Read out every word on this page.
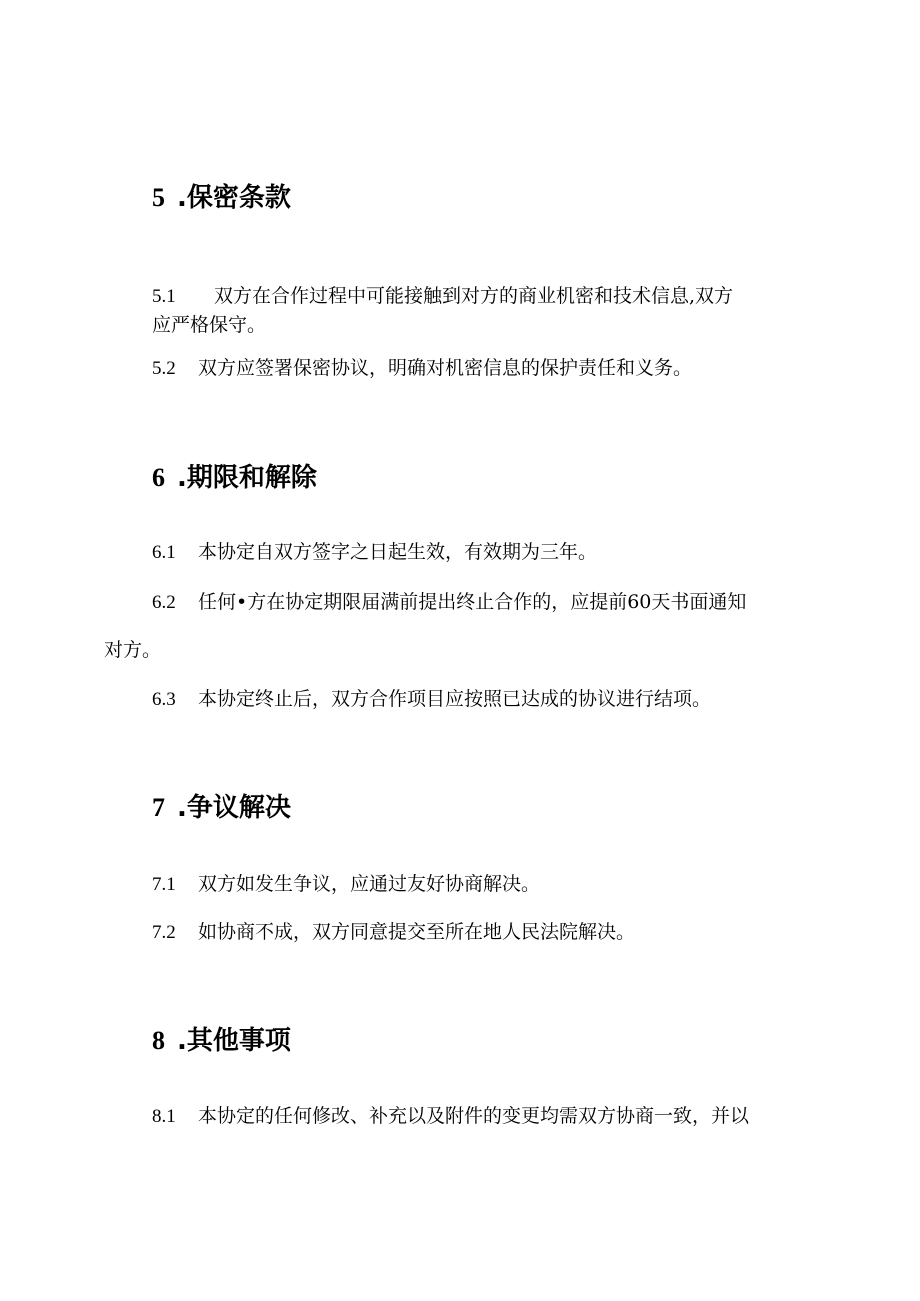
5 .保密条款
5.1 双方在合作过程中可能接触到对方的商业机密和技术信息,双方
应严格保守。
5.2 双方应签署保密协议，明确对机密信息的保护责任和义务。
6 .期限和解除
6.1 本协定自双方签字之日起生效，有效期为三年。
6.2 任何•方在协定期限届满前提出终止合作的，应提前60天书面通知
对方。
6.3 本协定终止后，双方合作项目应按照已达成的协议进行结项。
7 .争议解决
7.1 双方如发生争议，应通过友好协商解决。
7.2 如协商不成，双方同意提交至所在地人民法院解决。
8 .其他事项
8.1 本协定的任何修改、补充以及附件的变更均需双方协商一致，并以
